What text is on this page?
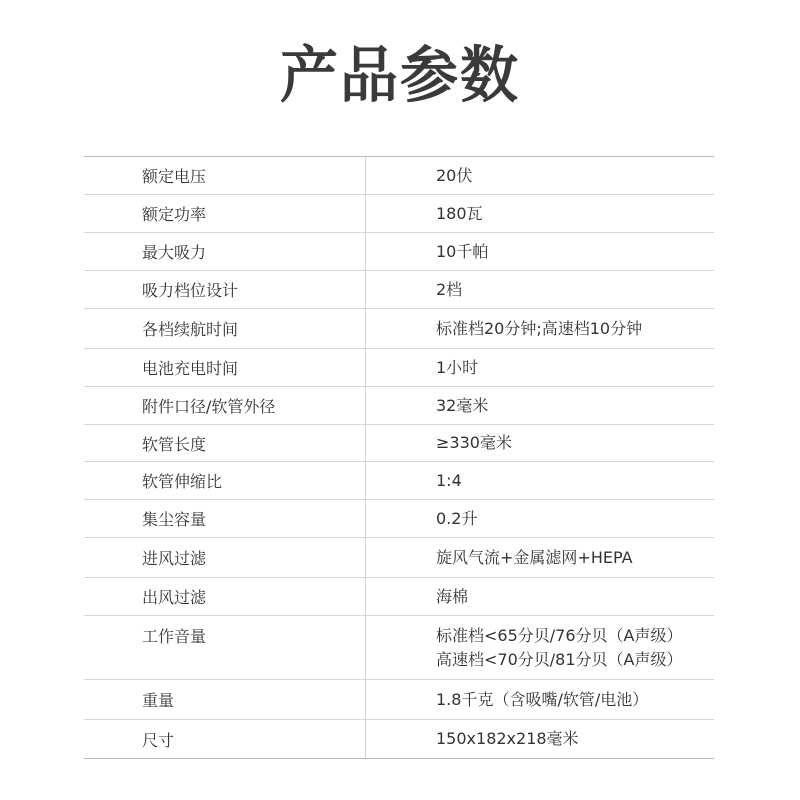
产品参数
额定电压	20伏
额定功率	180瓦
最大吸力	10千帕
吸力档位设计	2档
各档续航时间	标准档20分钟;高速档10分钟
电池充电时间	1小时
附件口径/软管外径	32毫米
软管长度	≥330毫米
软管伸缩比	1:4
集尘容量	0.2升
进风过滤	旋风气流+金属滤网+HEPA
出风过滤	海棉
工作音量	标准档<65分贝/76分贝（A声级）
高速档<70分贝/81分贝（A声级）
重量	1.8千克（含吸嘴/软管/电池）
尺寸	150x182x218毫米
